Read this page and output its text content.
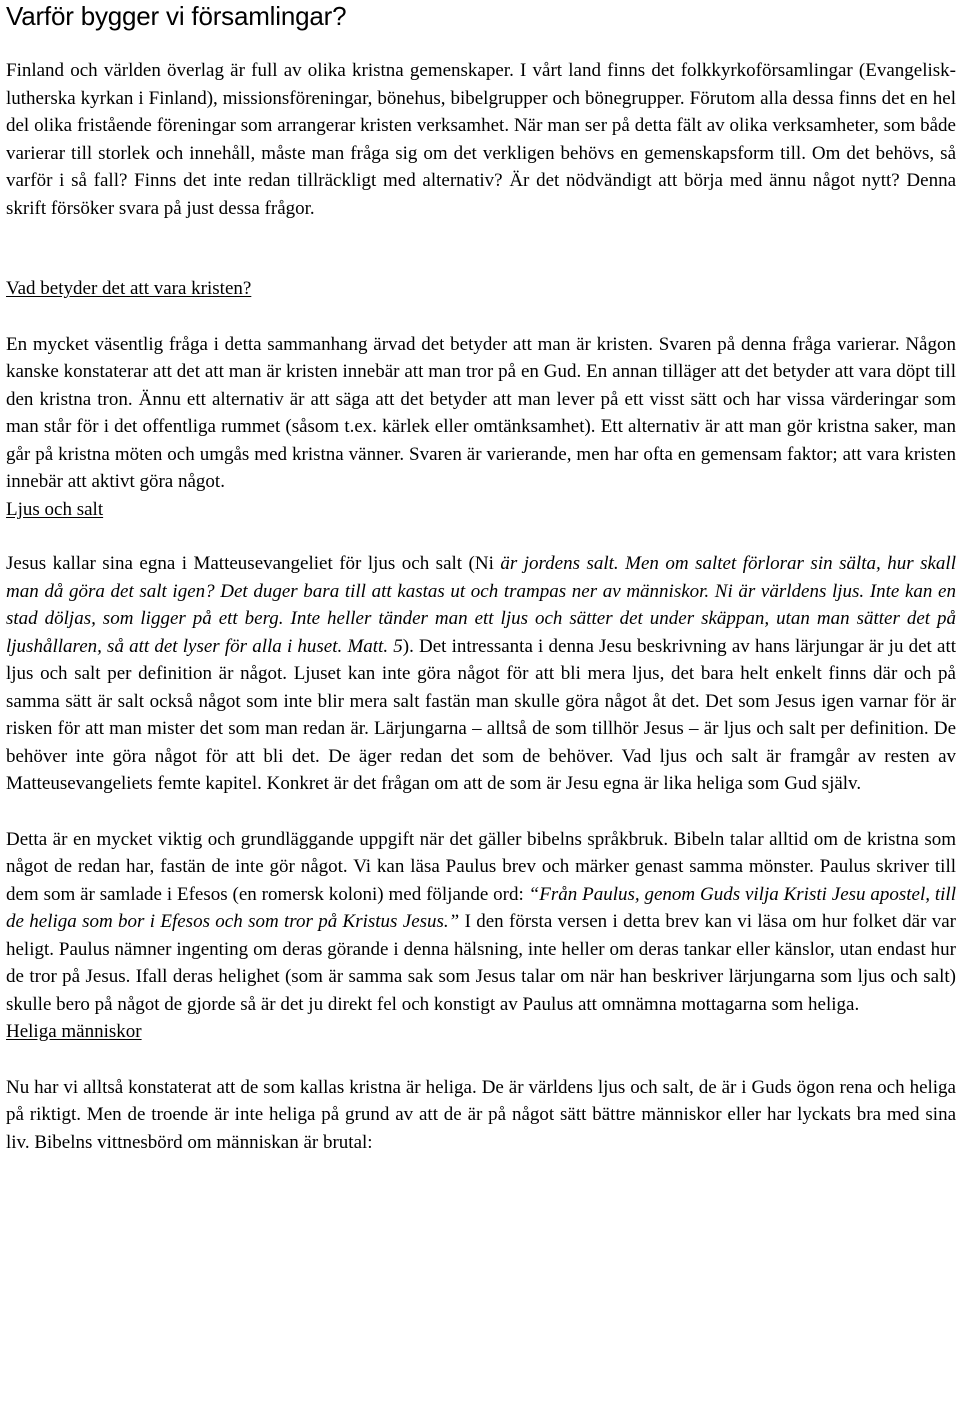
Varför bygger vi församlingar?

Finland och världen överlag är full av olika kristna gemenskaper. I vårt land finns det folkkyrkoförsamlingar (Evangelisk-lutherska kyrkan i Finland), missionsföreningar, bönehus, bibelgrupper och bönegrupper. Förutom alla dessa finns det en hel del olika fristående föreningar som arrangerar kristen verksamhet. När man ser på detta fält av olika verksamheter, som både varierar till storlek och innehåll, måste man fråga sig om det verkligen behövs en gemenskapsform till. Om det behövs, så varför i så fall? Finns det inte redan tillräckligt med alternativ? Är det nödvändigt att börja med ännu något nytt? Denna skrift försöker svara på just dessa frågor.

Vad betyder det att vara kristen?

En mycket väsentlig fråga i detta sammanhang ärvad det betyder att man är kristen. Svaren på denna fråga varierar. Någon kanske konstaterar att det att man är kristen innebär att man tror på en Gud. En annan tilläger att det betyder att vara döpt till den kristna tron. Ännu ett alternativ är att säga att det betyder att man lever på ett visst sätt och har vissa värderingar som man står för i det offentliga rummet (såsom t.ex. kärlek eller omtänksamhet). Ett alternativ är att man gör kristna saker, man går på kristna möten och umgås med kristna vänner. Svaren är varierande, men har ofta en gemensam faktor; att vara kristen innebär att aktivt göra något.

Ljus och salt

Jesus kallar sina egna i Matteusevangeliet för ljus och salt (Ni är jordens salt. Men om saltet förlorar sin sälta, hur skall man då göra det salt igen? Det duger bara till att kastas ut och trampas ner av människor. Ni är världens ljus. Inte kan en stad döljas, som ligger på ett berg. Inte heller tänder man ett ljus och sätter det under skäppan, utan man sätter det på ljushållaren, så att det lyser för alla i huset. Matt. 5). Det intressanta i denna Jesu beskrivning av hans lärjungar är ju det att ljus och salt per definition är något. Ljuset kan inte göra något för att bli mera ljus, det bara helt enkelt finns där och på samma sätt är salt också något som inte blir mera salt fastän man skulle göra något åt det. Det som Jesus igen varnar för är risken för att man mister det som man redan är. Lärjungarna – alltså de som tillhör Jesus – är ljus och salt per definition. De behöver inte göra något för att bli det. De äger redan det som de behöver. Vad ljus och salt är framgår av resten av Matteusevangeliets femte kapitel. Konkret är det frågan om att de som är Jesu egna är lika heliga som Gud själv.

Detta är en mycket viktig och grundläggande uppgift när det gäller bibelns språkbruk. Bibeln talar alltid om de kristna som något de redan har, fastän de inte gör något. Vi kan läsa Paulus brev och märker genast samma mönster. Paulus skriver till dem som är samlade i Efesos (en romersk koloni) med följande ord: “Från Paulus, genom Guds vilja Kristi Jesu apostel, till de heliga som bor i Efesos och som tror på Kristus Jesus.” I den första versen i detta brev kan vi läsa om hur folket där var heligt. Paulus nämner ingenting om deras görande i denna hälsning, inte heller om deras tankar eller känslor, utan endast hur de tror på Jesus. Ifall deras helighet (som är samma sak som Jesus talar om när han beskriver lärjungarna som ljus och salt) skulle bero på något de gjorde så är det ju direkt fel och konstigt av Paulus att omnämna mottagarna som heliga.

Heliga människor

Nu har vi alltså konstaterat att de som kallas kristna är heliga. De är världens ljus och salt, de är i Guds ögon rena och heliga på riktigt. Men de troende är inte heliga på grund av att de är på något sätt bättre människor eller har lyckats bra med sina liv. Bibelns vittnesbörd om människan är brutal:
